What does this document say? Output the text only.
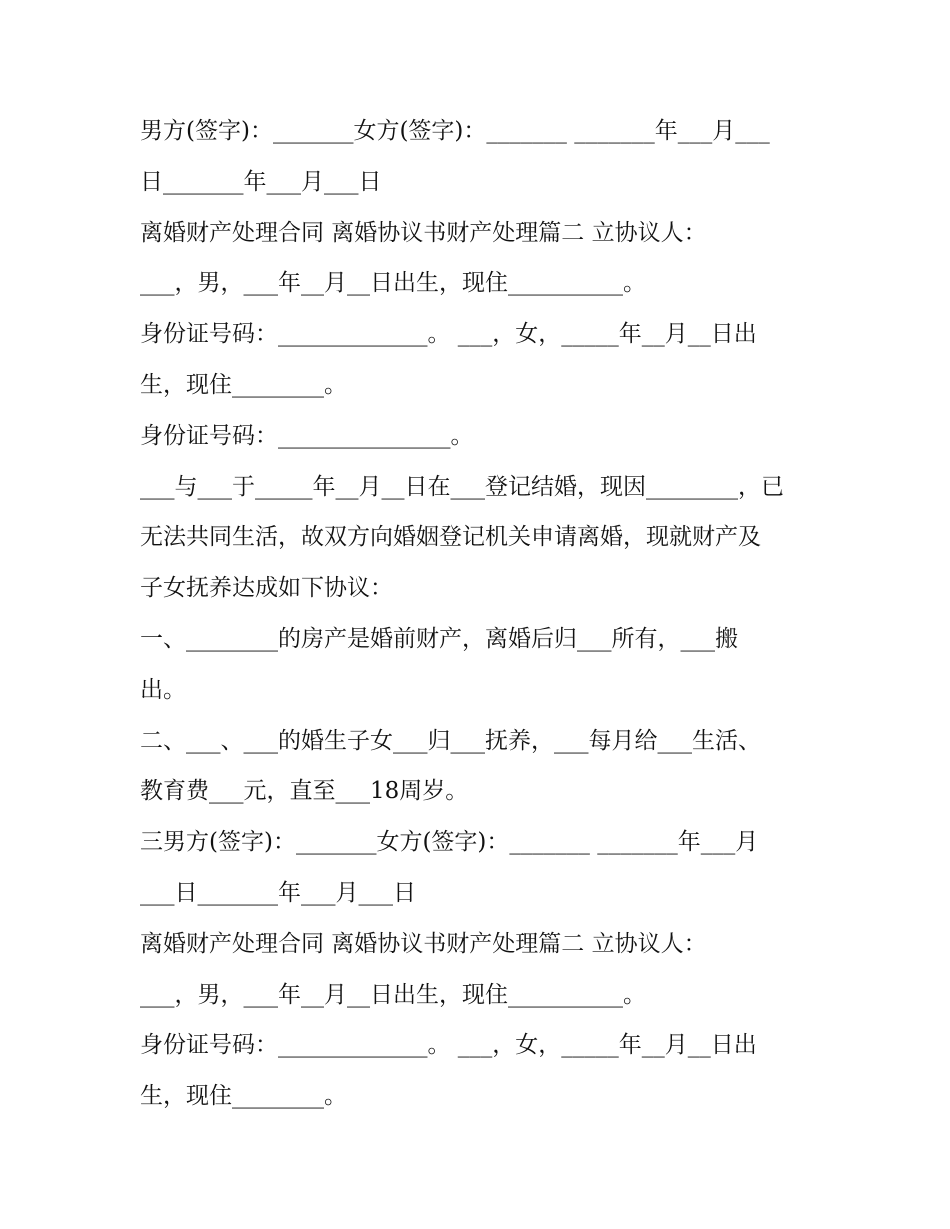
男方(签字)：_______女方(签字)：_______ _______年___月___
日_______年___月___日
离婚财产处理合同 离婚协议书财产处理篇二 立协议人：
___，男，___年__月__日出生，现住__________。
身份证号码：_____________。 ___，女，_____年__月__日出
生，现住________。
身份证号码：_______________。
___与___于_____年__月__日在___登记结婚，现因________，已
无法共同生活，故双方向婚姻登记机关申请离婚，现就财产及
子女抚养达成如下协议：
一、________的房产是婚前财产，离婚后归___所有，___搬
出。
二、___、___的婚生子女___归___抚养，___每月给___生活、
教育费___元，直至___18周岁。
三男方(签字)：_______女方(签字)：_______ _______年___月
___日_______年___月___日
离婚财产处理合同 离婚协议书财产处理篇二 立协议人：
___，男，___年__月__日出生，现住__________。
身份证号码：_____________。 ___，女，_____年__月__日出
生，现住________。
